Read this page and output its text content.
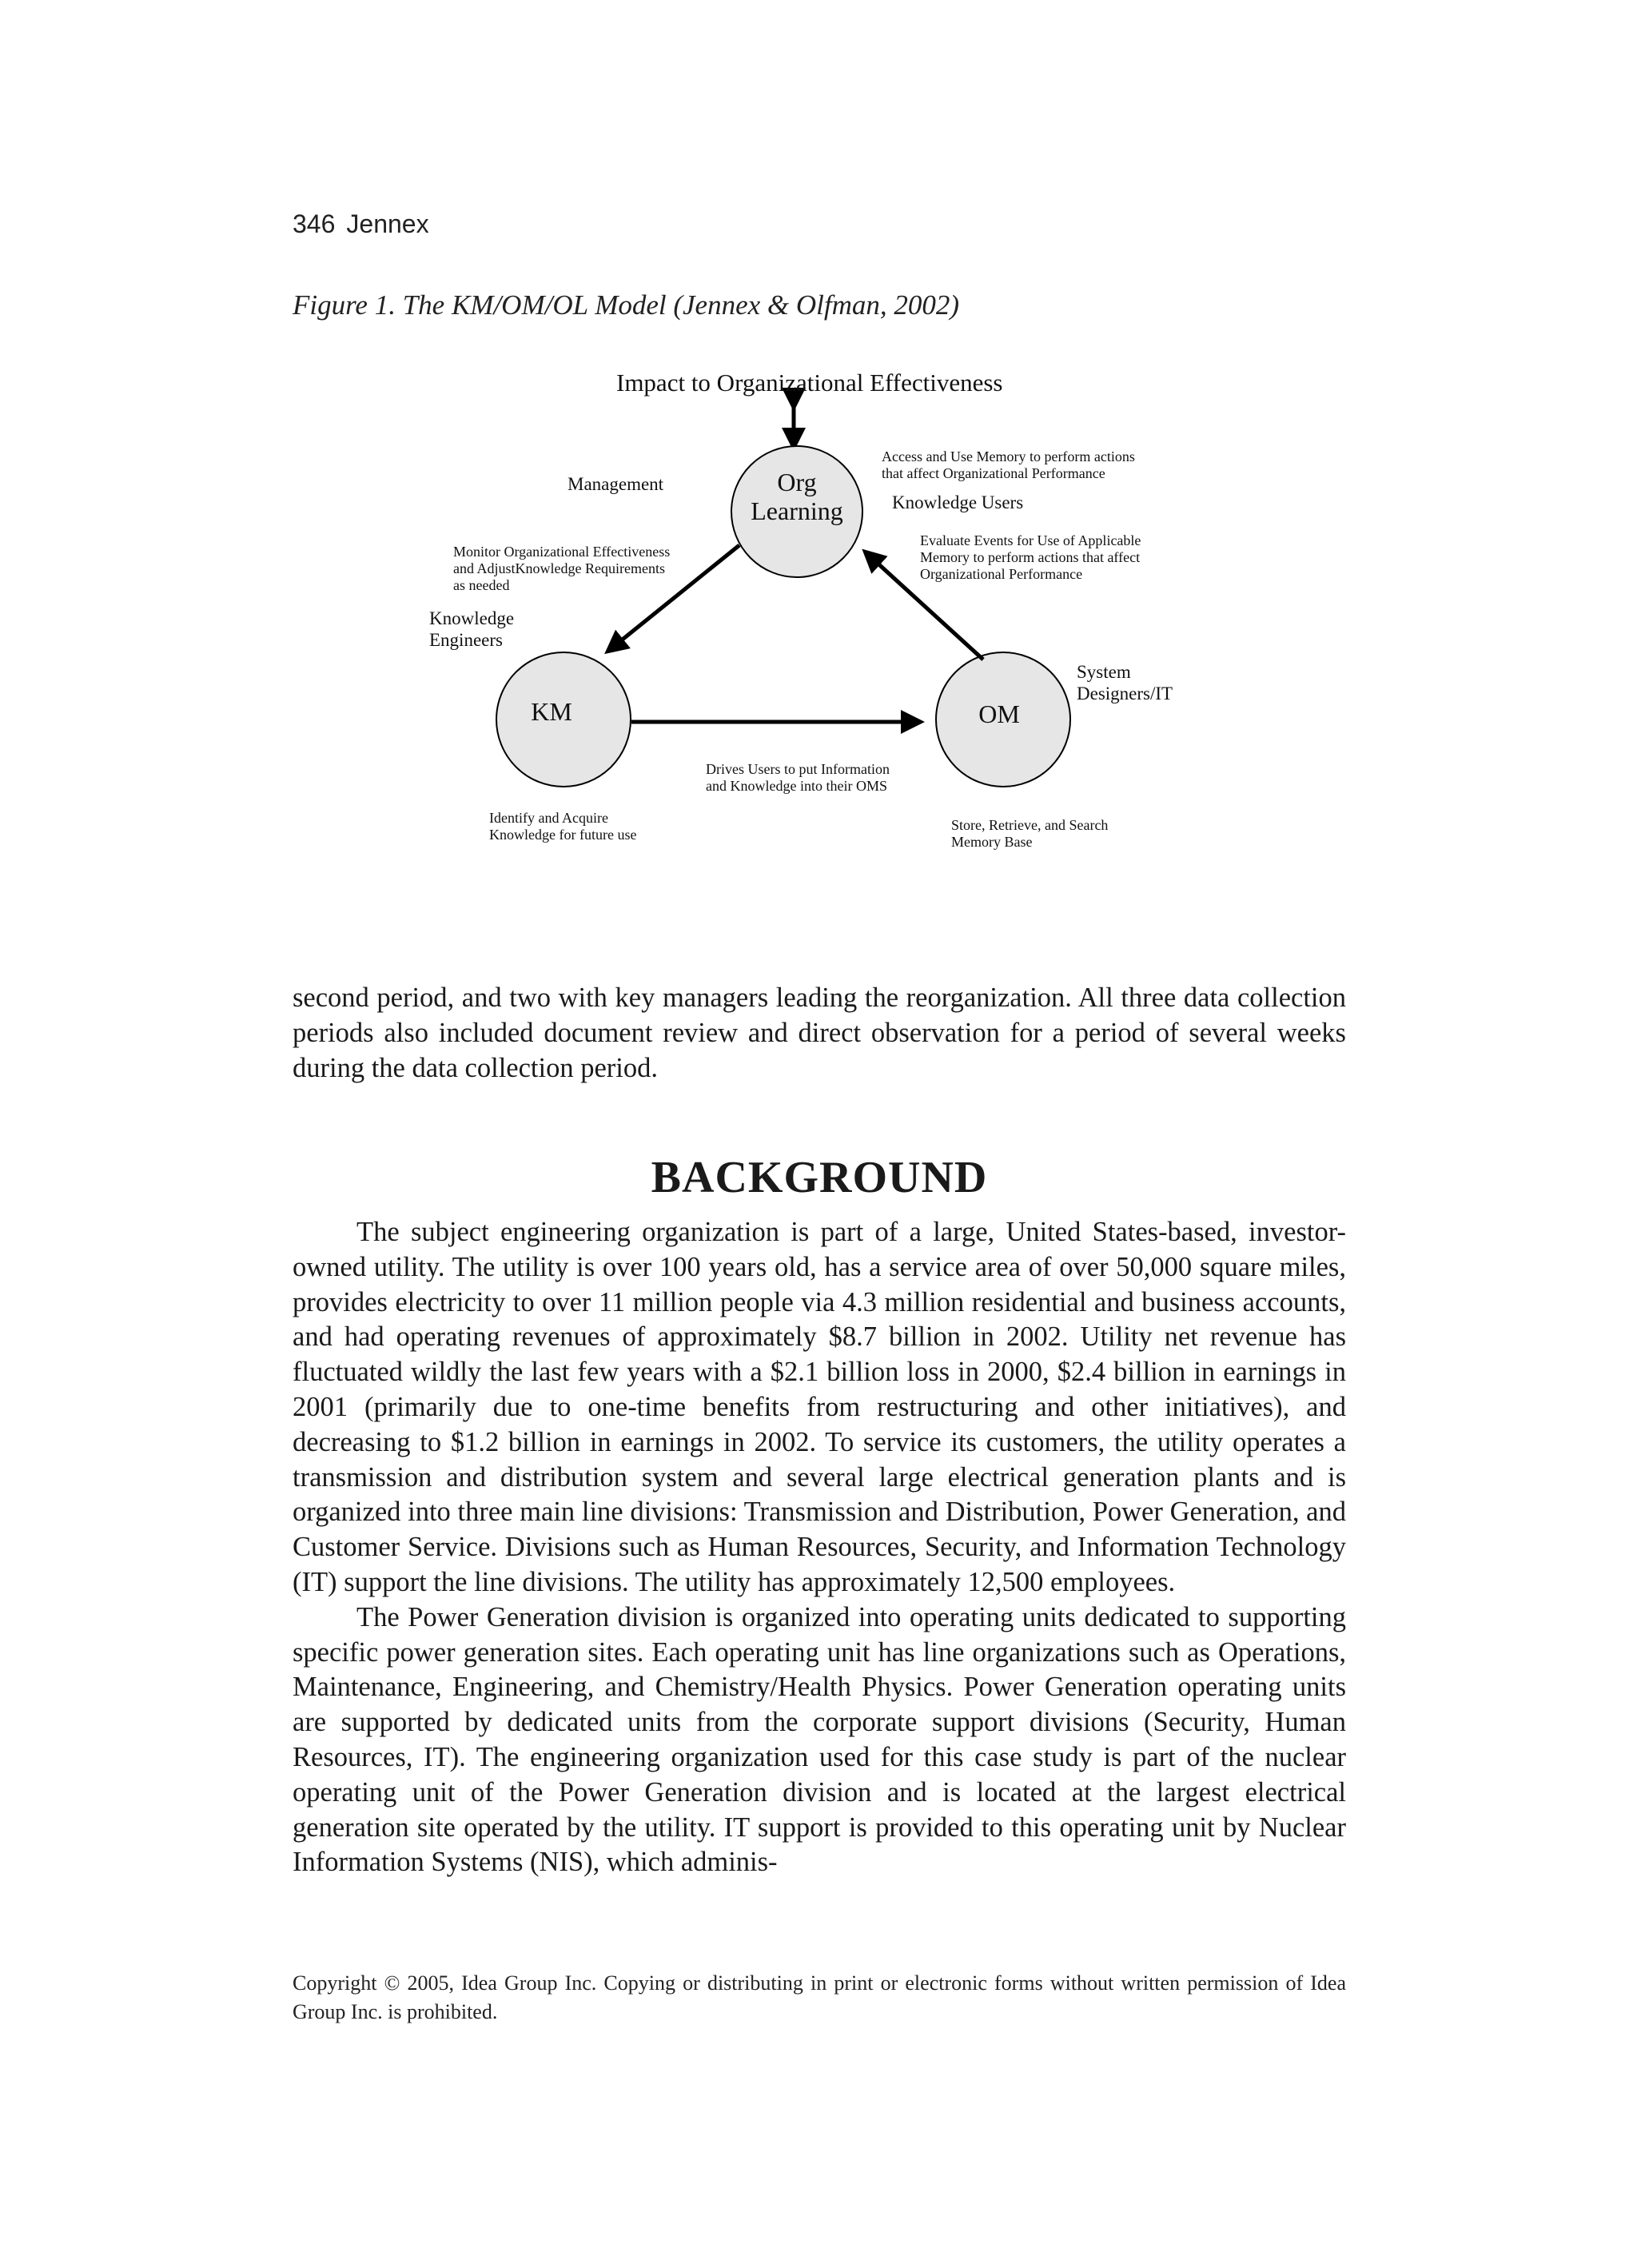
346 Jennex
Figure 1. The KM/OM/OL Model (Jennex & Olfman, 2002)
Impact to Organizational Effectiveness
Org
Learning
KM	OM
Management
Access and Use Memory to perform actions
that affect Organizational Performance
Knowledge Users
Evaluate Events for Use of Applicable
Memory to perform actions that affect
Organizational Performance
Monitor Organizational Effectiveness
and AdjustKnowledge Requirements
as needed
Knowledge
Engineers
System
Designers/IT
Drives Users to put Information
and Knowledge into their OMS
Identify and Acquire
Knowledge for future use
Store, Retrieve, and Search
Memory Base

second period, and two with key managers leading the reorganization. All three data collection periods also included document review and direct observation for a period of several weeks during the data collection period.

BACKGROUND

The subject engineering organization is part of a large, United States-based, investor-owned utility. The utility is over 100 years old, has a service area of over 50,000 square miles, provides electricity to over 11 million people via 4.3 million residential and business accounts, and had operating revenues of approximately $8.7 billion in 2002. Utility net revenue has fluctuated wildly the last few years with a $2.1 billion loss in 2000, $2.4 billion in earnings in 2001 (primarily due to one-time benefits from restructuring and other initiatives), and decreasing to $1.2 billion in earnings in 2002. To service its customers, the utility operates a transmission and distribution system and several large electrical generation plants and is organized into three main line divisions: Transmission and Distribution, Power Generation, and Customer Service. Divisions such as Human Resources, Security, and Information Technology (IT) support the line divisions. The utility has approximately 12,500 employees.

The Power Generation division is organized into operating units dedicated to supporting specific power generation sites. Each operating unit has line organizations such as Operations, Maintenance, Engineering, and Chemistry/Health Physics. Power Generation operating units are supported by dedicated units from the corporate support divisions (Security, Human Resources, IT). The engineering organization used for this case study is part of the nuclear operating unit of the Power Generation division and is located at the largest electrical generation site operated by the utility. IT support is provided to this operating unit by Nuclear Information Systems (NIS), which adminis-

Copyright © 2005, Idea Group Inc. Copying or distributing in print or electronic forms without written permission of Idea Group Inc. is prohibited.
